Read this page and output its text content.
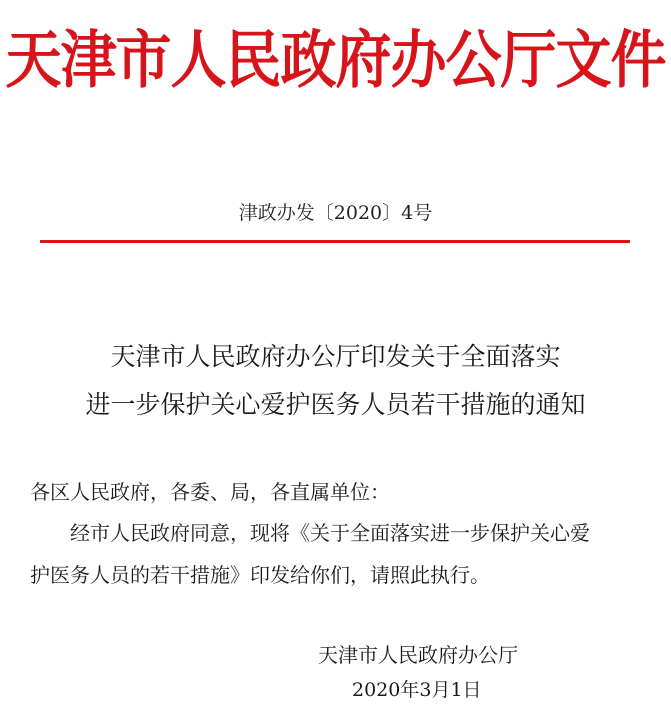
天津市人民政府办公厅文件
津政办发〔2020〕4号
天津市人民政府办公厅印发关于全面落实
进一步保护关心爱护医务人员若干措施的通知
各区人民政府，各委、局，各直属单位：
经市人民政府同意，现将《关于全面落实进一步保护关心爱
护医务人员的若干措施》印发给你们，请照此执行。
天津市人民政府办公厅
2020年3月1日
